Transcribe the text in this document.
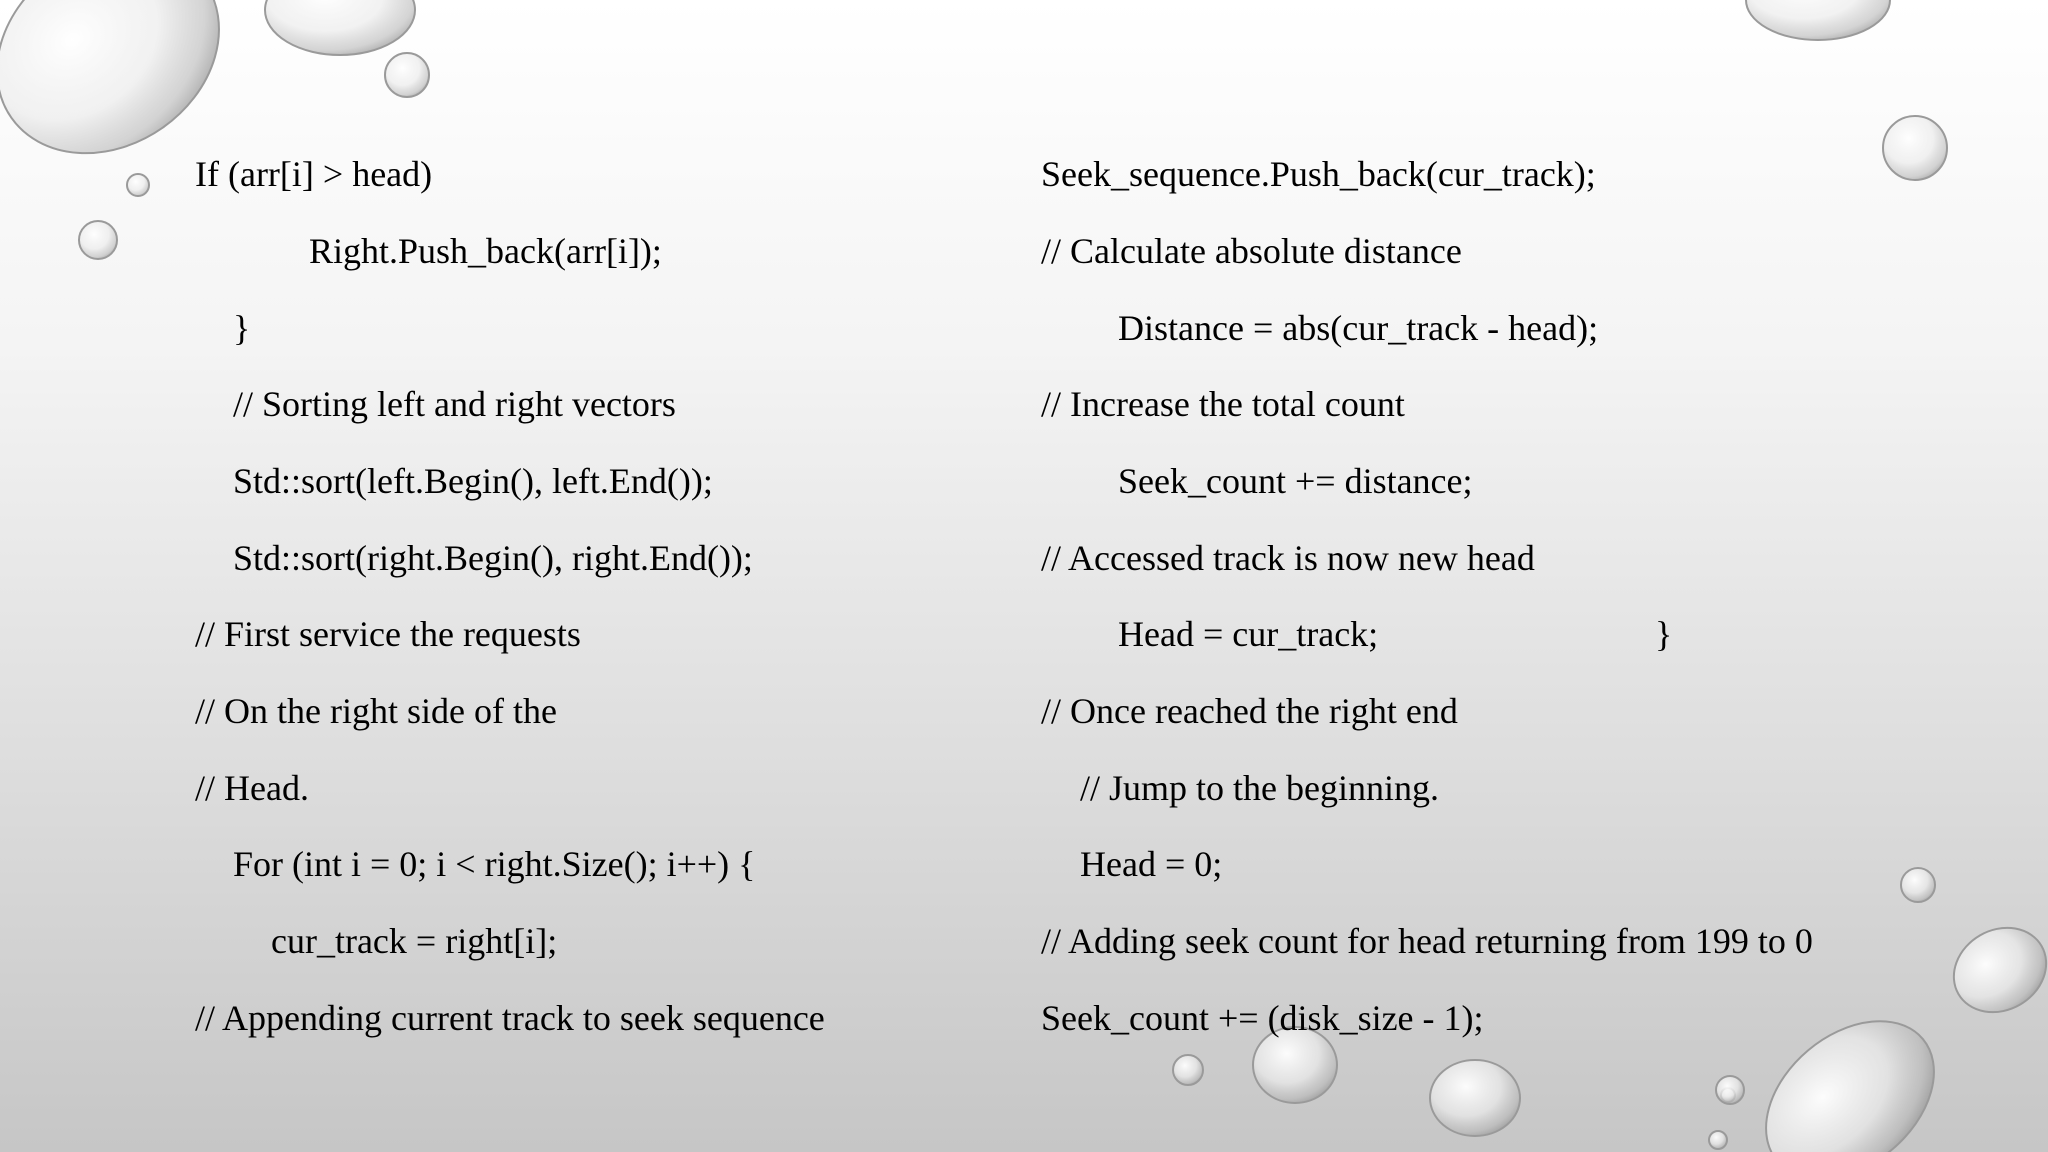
If (arr[i] > head)
Right.Push_back(arr[i]);
}
// Sorting left and right vectors
Std::sort(left.Begin(), left.End());
Std::sort(right.Begin(), right.End());
// First service the requests
// On the right side of the
// Head.
For (int i = 0; i < right.Size(); i++) {
cur_track = right[i];
// Appending current track to seek sequence
Seek_sequence.Push_back(cur_track);
// Calculate absolute distance
Distance = abs(cur_track - head);
// Increase the total count
Seek_count += distance;
// Accessed track is now new head
Head = cur_track;	}
// Once reached the right end
// Jump to the beginning.
Head = 0;
// Adding seek count for head returning from 199 to 0
Seek_count += (disk_size - 1);
